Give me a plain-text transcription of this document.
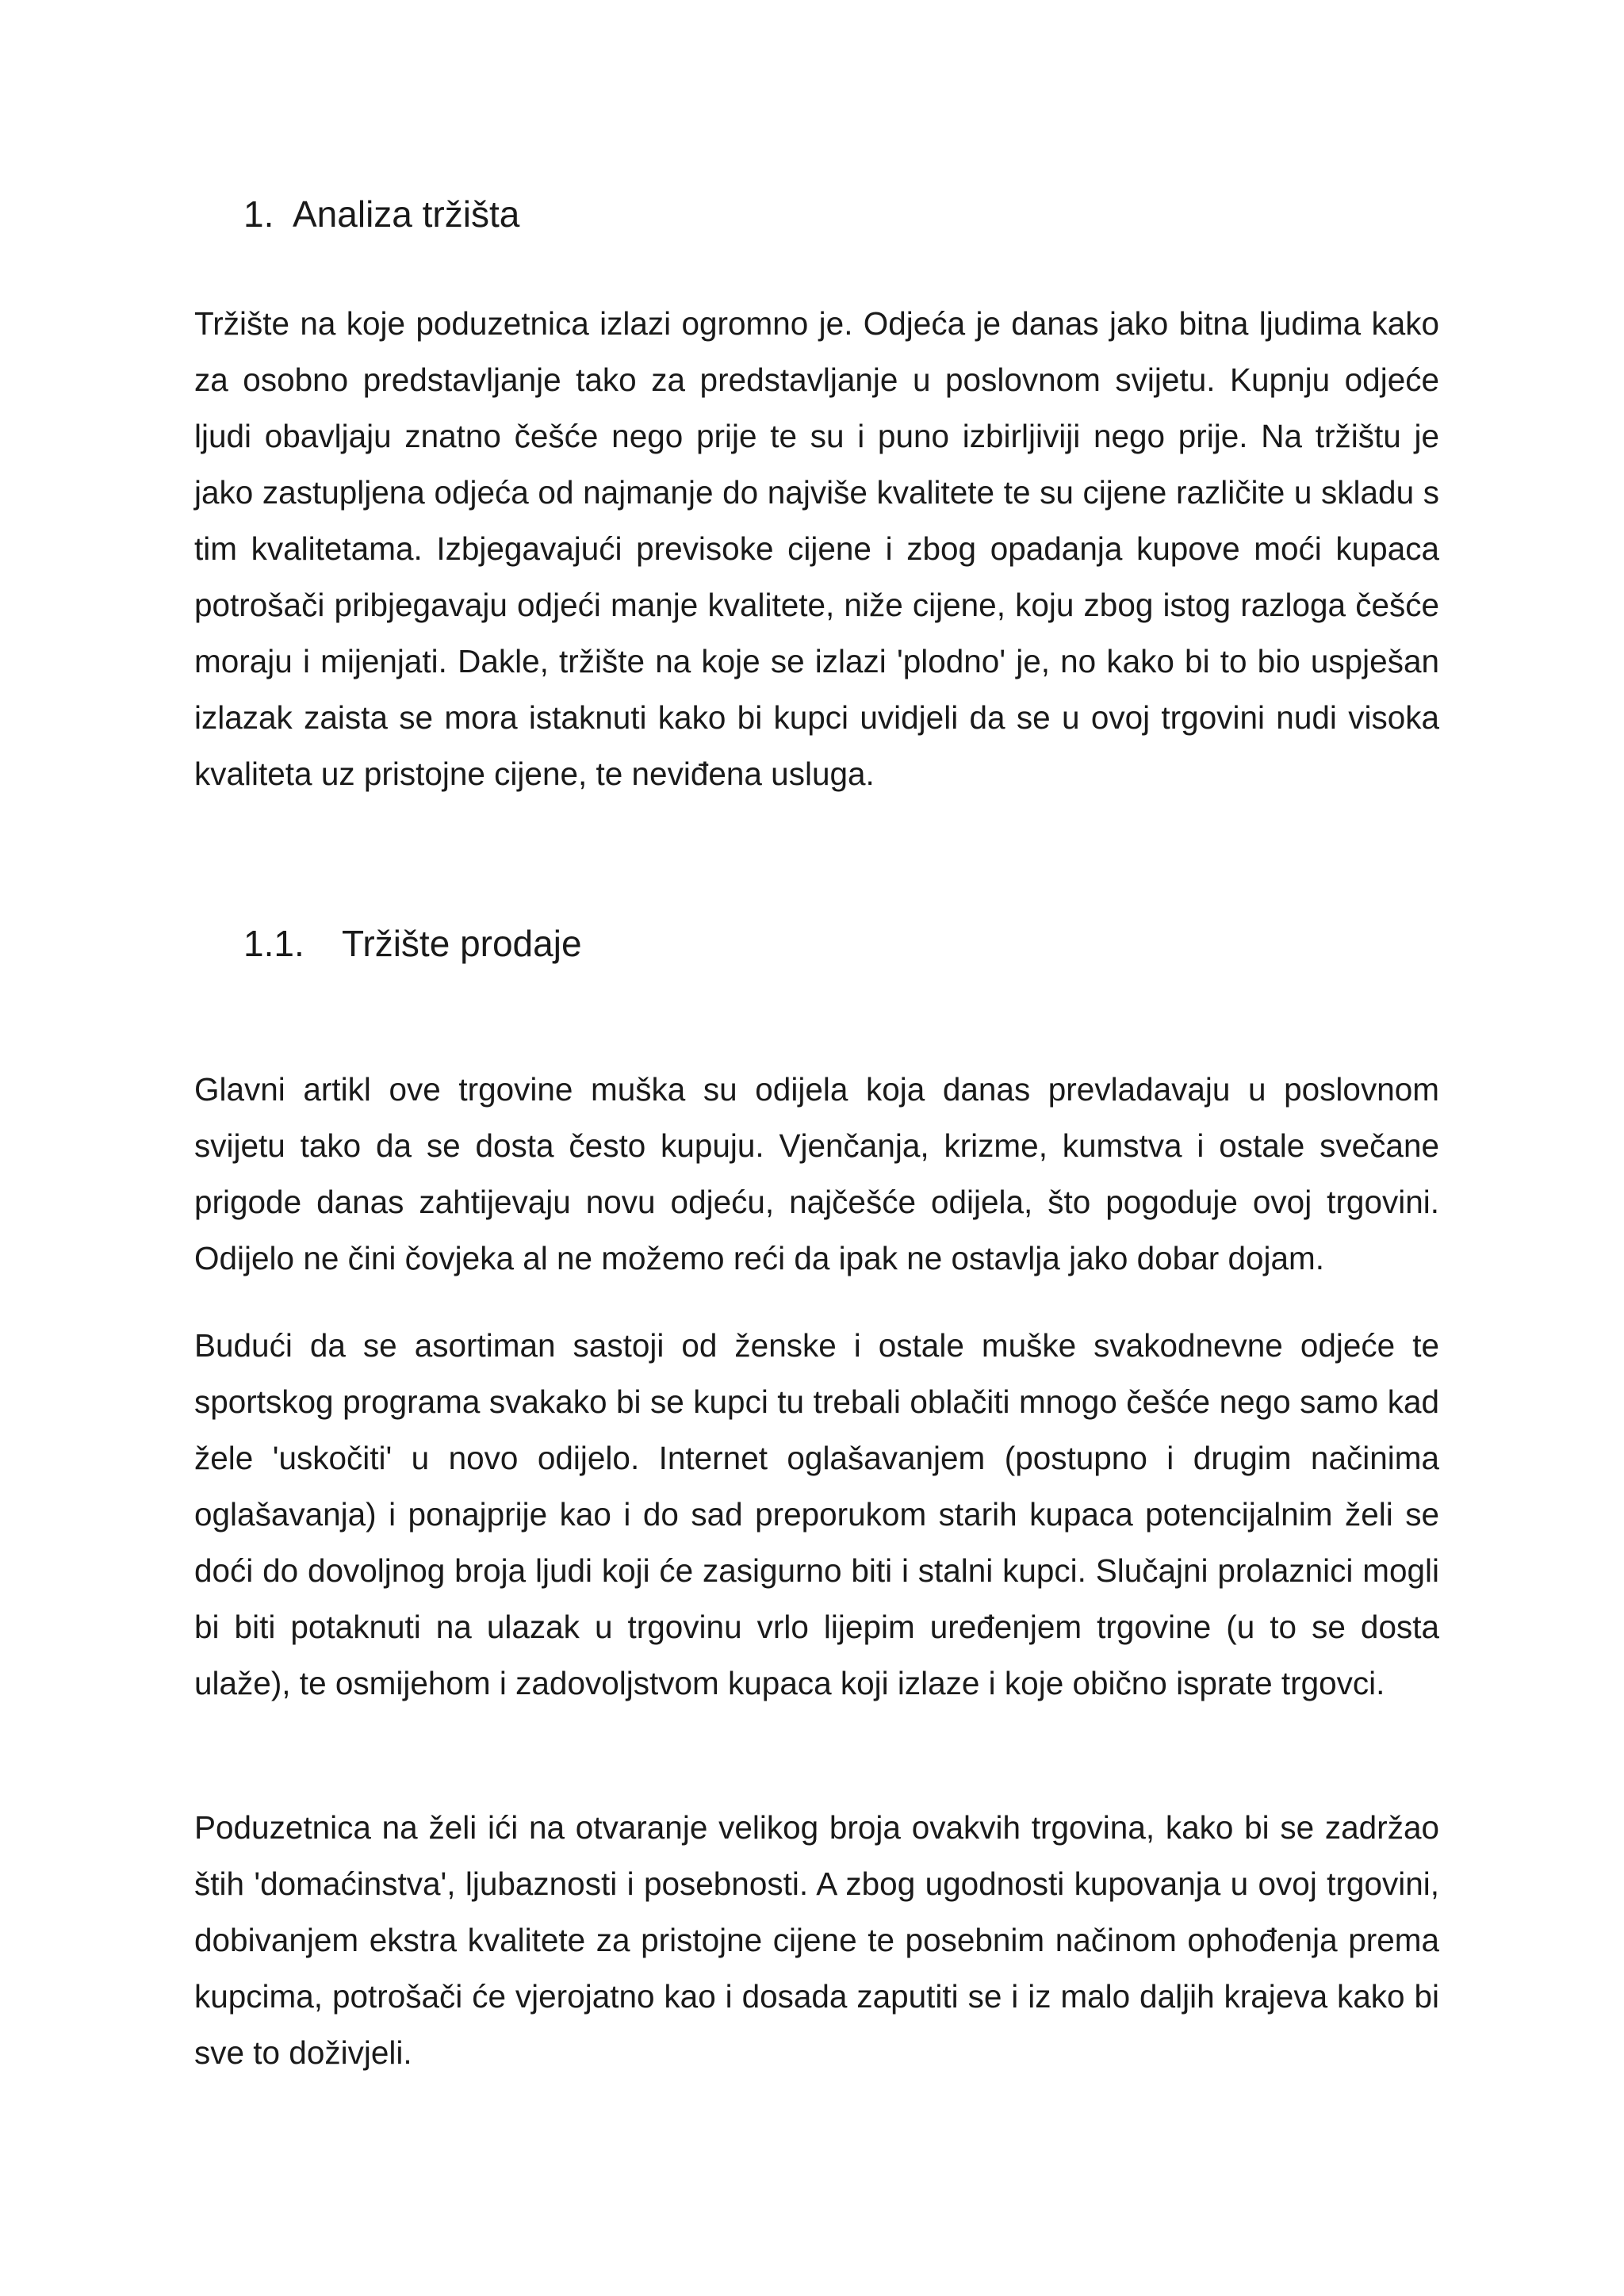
1. Analiza tržišta

Tržište na koje poduzetnica izlazi ogromno je. Odjeća je danas jako bitna ljudima kako za osobno predstavljanje tako za predstavljanje u poslovnom svijetu. Kupnju odjeće ljudi obavljaju znatno češće nego prije te su i puno izbirljiviji nego prije. Na tržištu je jako zastupljena odjeća od najmanje do najviše kvalitete te su cijene različite u skladu s tim kvalitetama. Izbjegavajući previsoke cijene i zbog opadanja kupove moći kupaca potrošači pribjegavaju odjeći manje kvalitete, niže cijene, koju zbog istog razloga češće moraju i mijenjati. Dakle, tržište na koje se izlazi 'plodno' je, no kako bi to bio uspješan izlazak zaista se mora istaknuti kako bi kupci uvidjeli da se u ovoj trgovini nudi visoka kvaliteta uz pristojne cijene, te neviđena usluga.

1.1. Tržište prodaje

Glavni artikl ove trgovine muška su odijela koja danas prevladavaju u poslovnom svijetu tako da se dosta često kupuju. Vjenčanja, krizme, kumstva i ostale svečane prigode danas zahtijevaju novu odjeću, najčešće odijela, što pogoduje ovoj trgovini. Odijelo ne čini čovjeka al ne možemo reći da ipak ne ostavlja jako dobar dojam.

Budući da se asortiman sastoji od ženske i ostale muške svakodnevne odjeće te sportskog programa svakako bi se kupci tu trebali oblačiti mnogo češće nego samo kad žele 'uskočiti' u novo odijelo. Internet oglašavanjem (postupno i drugim načinima oglašavanja) i ponajprije kao i do sad preporukom starih kupaca potencijalnim želi se doći do dovoljnog broja ljudi koji će zasigurno biti i stalni kupci. Slučajni prolaznici mogli bi biti potaknuti na ulazak u trgovinu vrlo lijepim uređenjem trgovine (u to se dosta ulaže), te osmijehom i zadovoljstvom kupaca koji izlaze i koje obično isprate trgovci.

Poduzetnica na želi ići na otvaranje velikog broja ovakvih trgovina, kako bi se zadržao štih 'domaćinstva', ljubaznosti i posebnosti. A zbog ugodnosti kupovanja u ovoj trgovini, dobivanjem ekstra kvalitete za pristojne cijene te posebnim načinom ophođenja prema kupcima, potrošači će vjerojatno kao i dosada zaputiti se i iz malo daljih krajeva kako bi sve to doživjeli.
